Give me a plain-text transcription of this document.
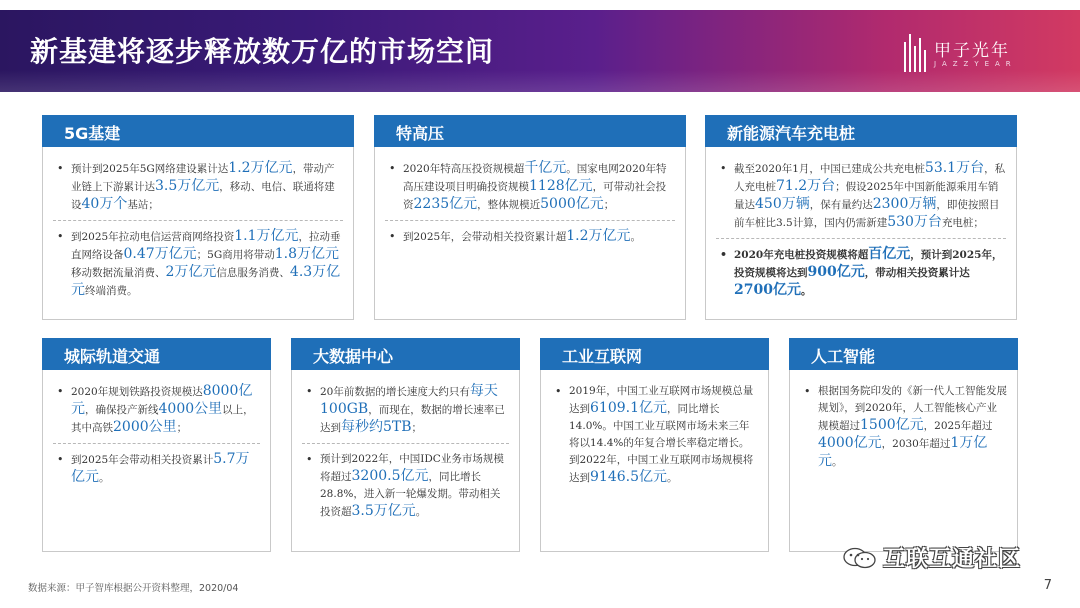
新基建将逐步释放数万亿的市场空间	甲子光年
JAZZYEAR
5G基建
• 预计到2025年5G网络建设累计达1.2万亿元，带动产业链上下游累计达3.5万亿元，移动、电信、联通将建设40万个基站；
• 到2025年拉动电信运营商网络投资1.1万亿元，拉动垂直网络设备0.47万亿元；5G商用将带动1.8万亿元移动数据流量消费、2万亿元信息服务消费、4.3万亿元终端消费。
特高压
• 2020年特高压投资规模超千亿元。国家电网2020年特高压建设项目明确投资规模1128亿元，可带动社会投资2235亿元，整体规模近5000亿元；
• 到2025年，会带动相关投资累计超1.2万亿元。
新能源汽车充电桩
• 截至2020年1月，中国已建成公共充电桩53.1万台，私人充电桩71.2万台；假设2025年中国新能源乘用车销量达450万辆，保有量约达2300万辆，即使按照目前车桩比3.5计算，国内仍需新建530万台充电桩；
• 2020年充电桩投资规模将超百亿元，预计到2025年，投资规模将达到900亿元，带动相关投资累计达2700亿元。
城际轨道交通
• 2020年规划铁路投资规模达8000亿元，确保投产新线4000公里以上，其中高铁2000公里；
• 到2025年会带动相关投资累计5.7万亿元。
大数据中心
• 20年前数据的增长速度大约只有每天100GB，而现在，数据的增长速率已达到每秒约5TB；
• 预计到2022年，中国IDC业务市场规模将超过3200.5亿元，同比增长28.8%，进入新一轮爆发期。带动相关投资超3.5万亿元。
工业互联网
• 2019年，中国工业互联网市场规模总量达到6109.1亿元，同比增长14.0%。中国工业互联网市场未来三年将以14.4%的年复合增长率稳定增长。到2022年，中国工业互联网市场规模将达到9146.5亿元。
人工智能
• 根据国务院印发的《新一代人工智能发展规划》，到2020年，人工智能核心产业规模超过1500亿元，2025年超过4000亿元，2030年超过1万亿元。
互联互通社区
数据来源：甲子智库根据公开资料整理，2020/04	7
